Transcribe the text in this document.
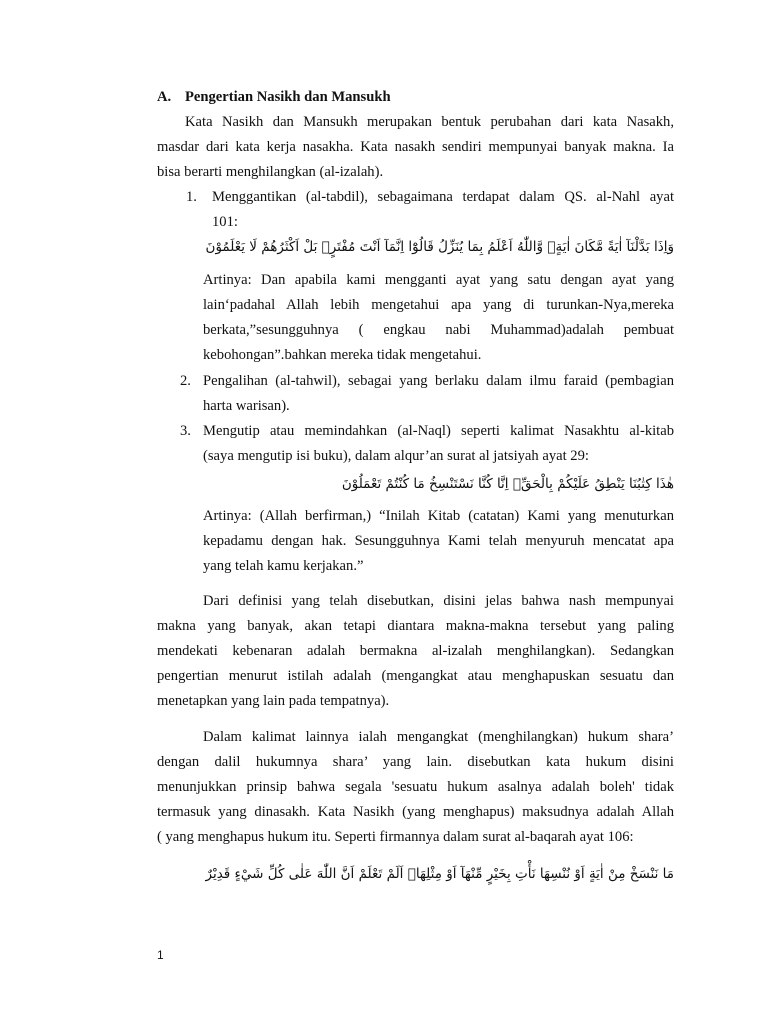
A. Pengertian Nasikh dan Mansukh
Kata Nasikh dan Mansukh merupakan bentuk perubahan dari kata Nasakh,
masdar dari kata kerja nasakha. Kata nasakh sendiri mempunyai banyak makna. Ia
bisa berarti menghilangkan (al-izalah).
1. Menggantikan (al-tabdil), sebagaimana terdapat dalam QS. al-Nahl ayat
101:
وَاِذَا بَدَّلْنَآ اٰيَةً مَّكَانَ اٰيَةٍۙ وَّاللّٰهُ اَعْلَمُ بِمَا يُنَزِّلُ قَالُوْٓا اِنَّمَآ اَنْتَ مُفْتَرٍۗ بَلْ اَكْثَرُهُمْ لَا يَعْلَمُوْنَ
Artinya: Dan apabila kami mengganti ayat yang satu dengan ayat yang
lain‘padahal Allah lebih mengetahui apa yang di turunkan-Nya,mereka
berkata,”sesungguhnya ( engkau nabi Muhammad)adalah pembuat
kebohongan”.bahkan mereka tidak mengetahui.
2. Pengalihan (al-tahwil), sebagai yang berlaku dalam ilmu faraid (pembagian
harta warisan).
3. Mengutip atau memindahkan (al-Naql) seperti kalimat Nasakhtu al-kitab
(saya mengutip isi buku), dalam alqur’an surat al jatsiyah ayat 29:
هٰذَا كِتٰبُنَا يَنْطِقُ عَلَيْكُمْ بِالْحَقِّۗ اِنَّا كُنَّا نَسْتَنْسِخُ مَا كُنْتُمْ تَعْمَلُوْنَ
Artinya: (Allah berfirman,) “Inilah Kitab (catatan) Kami yang menuturkan
kepadamu dengan hak. Sesungguhnya Kami telah menyuruh mencatat apa
yang telah kamu kerjakan.”
Dari definisi yang telah disebutkan, disini jelas bahwa nash mempunyai
makna yang banyak, akan tetapi diantara makna-makna tersebut yang paling
mendekati kebenaran adalah bermakna al-izalah menghilangkan). Sedangkan
pengertian menurut istilah adalah (mengangkat atau menghapuskan sesuatu dan
menetapkan yang lain pada tempatnya).
Dalam kalimat lainnya ialah mengangkat (menghilangkan) hukum shara’
dengan dalil hukumnya shara’ yang lain. disebutkan kata hukum disini
menunjukkan prinsip bahwa segala 'sesuatu hukum asalnya adalah boleh' tidak
termasuk yang dinasakh. Kata Nasikh (yang menghapus) maksudnya adalah Allah
( yang menghapus hukum itu. Seperti firmannya dalam surat al-baqarah ayat 106:
مَا نَنْسَخْ مِنْ اٰيَةٍ اَوْ نُنْسِهَا نَأْتِ بِخَيْرٍ مِّنْهَآ اَوْ مِثْلِهَاۗ اَلَمْ تَعْلَمْ اَنَّ اللّٰهَ عَلٰى كُلِّ شَيْءٍ قَدِيْرٌ
1
